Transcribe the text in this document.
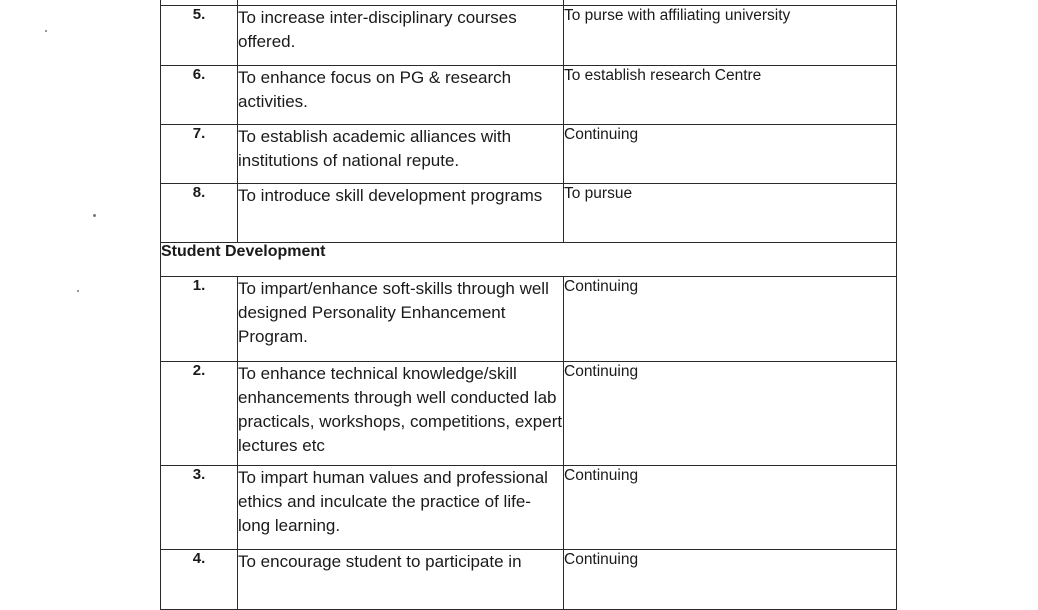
5.	To increase inter-disciplinary courses offered.	To purse with affiliating university
6.	To enhance focus on PG & research activities.	To establish research Centre
7.	To establish academic alliances with institutions of national repute.	Continuing
8.	To introduce skill development programs	To pursue
Student Development		
1.	To impart/enhance soft-skills through well designed Personality Enhancement Program.	Continuing
2.	To enhance technical knowledge/skill enhancements through well conducted lab practicals, workshops, competitions, expert lectures etc	Continuing
3.	To impart human values and professional ethics and inculcate the practice of life-long learning.	Continuing
4.	To encourage student to participate in	Continuing
